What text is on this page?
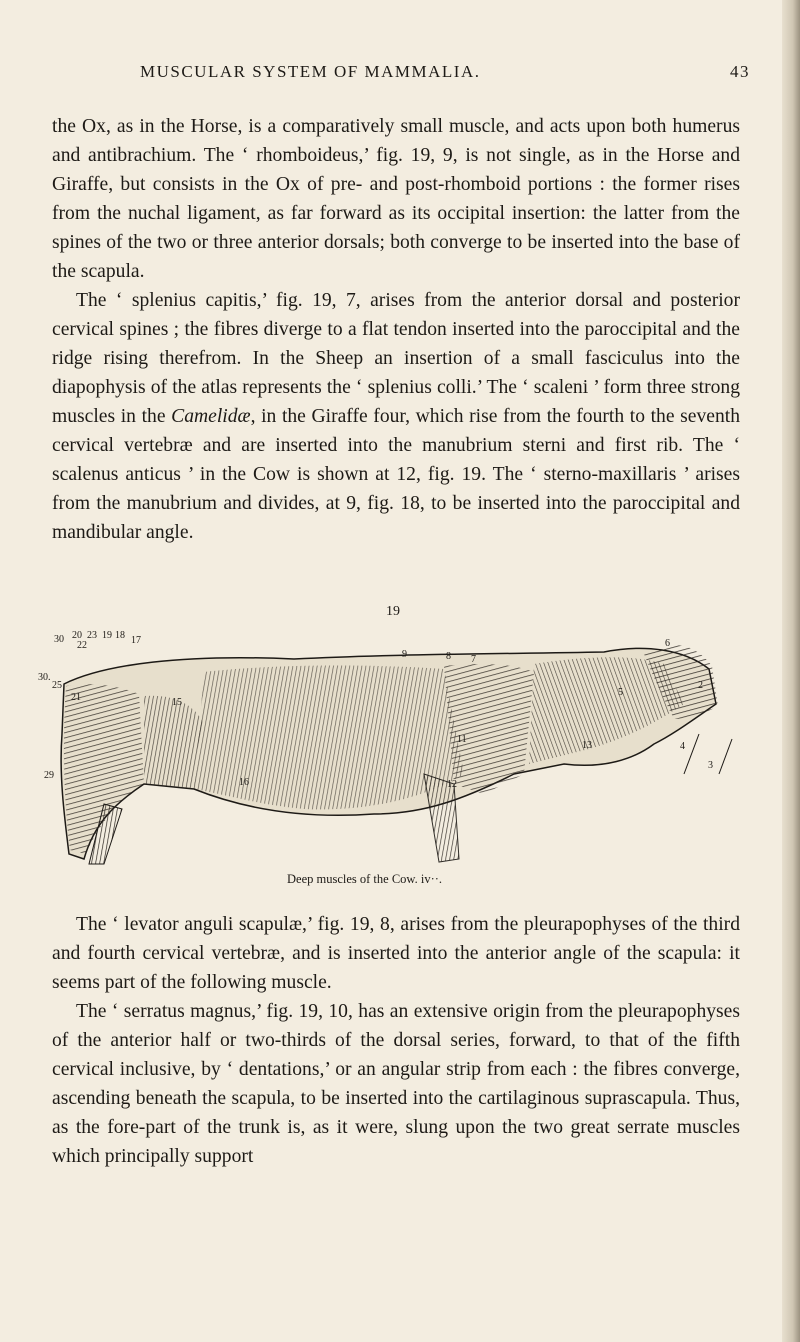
MUSCULAR SYSTEM OF MAMMALIA.	43

the Ox, as in the Horse, is a comparatively small muscle, and acts upon both humerus and antibrachium. The ‘ rhomboideus,’ fig. 19, 9, is not single, as in the Horse and Giraffe, but consists in the Ox of pre- and post-rhomboid portions : the former rises from the nuchal ligament, as far forward as its occipital insertion: the latter from the spines of the two or three anterior dorsals; both converge to be inserted into the base of the scapula.

The ‘ splenius capitis,’ fig. 19, 7, arises from the anterior dorsal and posterior cervical spines ; the fibres diverge to a flat tendon inserted into the paroccipital and the ridge rising therefrom. In the Sheep an insertion of a small fasciculus into the diapophysis of the atlas represents the ‘ splenius colli.’ The ‘ scaleni ’ form three strong muscles in the Camelidæ, in the Giraffe four, which rise from the fourth to the seventh cervical vertebræ and are inserted into the manubrium sterni and first rib. The ‘ scalenus anticus ’ in the Cow is shown at 12, fig. 19. The ‘ sterno-maxillaris ’ arises from the manubrium and divides, at 9, fig. 18, to be inserted into the paroccipital and mandibular angle.

19
30 20 23 19 18 17
22
30.
25
21
16
29
15
9	8 7
6
2
5
13
11
12
4
3
Deep muscles of the Cow. iv··.

The ‘ levator anguli scapulæ,’ fig. 19, 8, arises from the pleurapophyses of the third and fourth cervical vertebræ, and is inserted into the anterior angle of the scapula: it seems part of the following muscle.

The ‘ serratus magnus,’ fig. 19, 10, has an extensive origin from the pleurapophyses of the anterior half or two-thirds of the dorsal series, forward, to that of the fifth cervical inclusive, by ‘ dentations,’ or an angular strip from each : the fibres converge, ascending beneath the scapula, to be inserted into the cartilaginous suprascapula. Thus, as the fore-part of the trunk is, as it were, slung upon the two great serrate muscles which principally support
